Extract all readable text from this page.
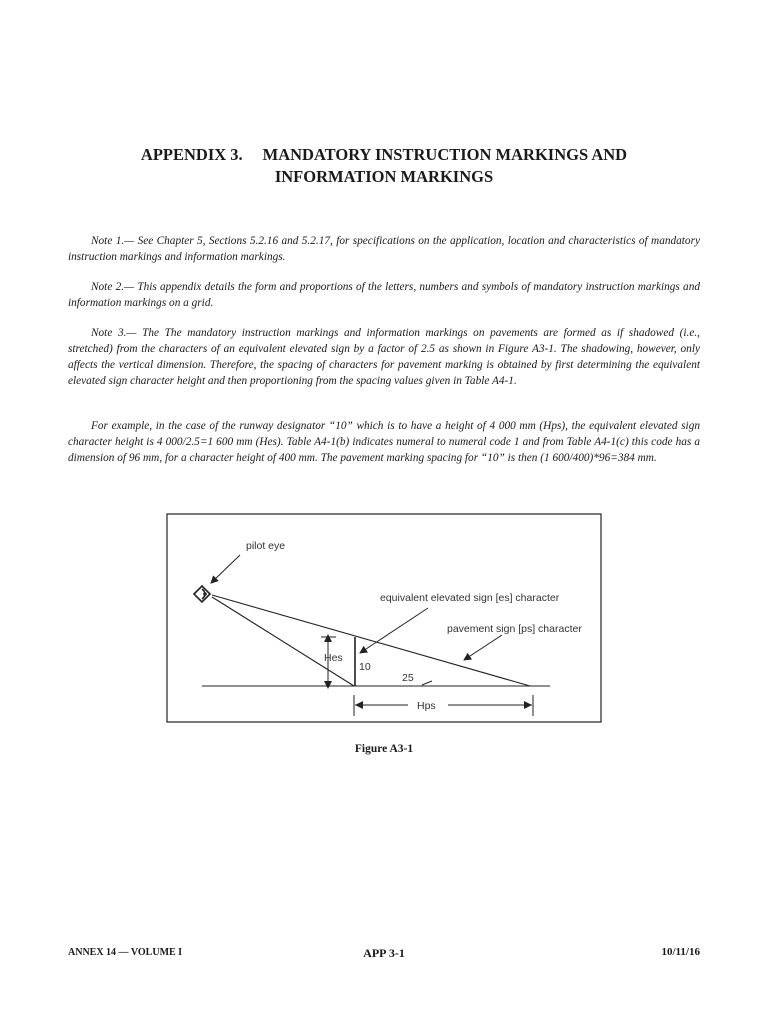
APPENDIX 3. MANDATORY INSTRUCTION MARKINGS AND
INFORMATION MARKINGS

Note 1.— See Chapter 5, Sections 5.2.16 and 5.2.17, for specifications on the application, location and characteristics of mandatory instruction markings and information markings.

Note 2.— This appendix details the form and proportions of the letters, numbers and symbols of mandatory instruction markings and information markings on a grid.

Note 3.— The The mandatory instruction markings and information markings on pavements are formed as if shadowed (i.e., stretched) from the characters of an equivalent elevated sign by a factor of 2.5 as shown in Figure A3-1. The shadowing, however, only affects the vertical dimension. Therefore, the spacing of characters for pavement marking is obtained by first determining the equivalent elevated sign character height and then proportioning from the spacing values given in Table A4-1.

For example, in the case of the runway designator “10” which is to have a height of 4 000 mm (Hps), the equivalent elevated sign character height is 4 000/2.5=1 600 mm (Hes). Table A4-1(b) indicates numeral to numeral code 1 and from Table A4-1(c) this code has a dimension of 96 mm, for a character height of 400 mm. The pavement marking spacing for “10” is then (1 600/400)*96=384 mm.

pilot eye
equivalent elevated sign [es] character
pavement sign [ps] character
Hes
10
25
Hps
Figure A3-1
ANNEX 14 — VOLUME I	APP 3-1	10/11/16
